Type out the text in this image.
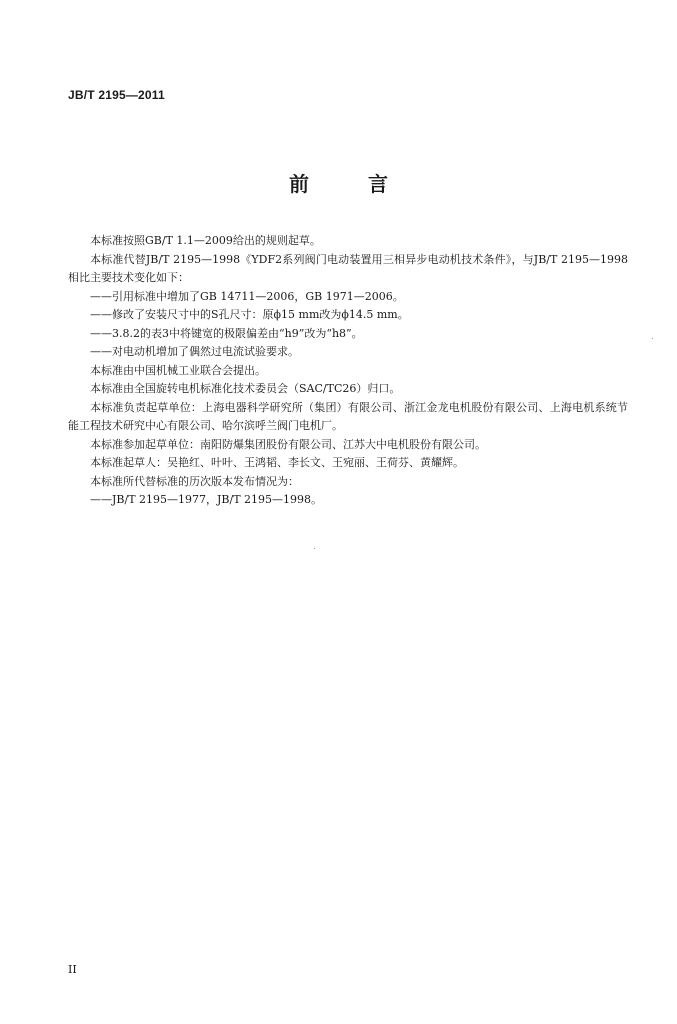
JB/T 2195—2011
前 言

本标准按照GB/T 1.1—2009给出的规则起草。

本标准代替JB/T 2195—1998《YDF2系列阀门电动装置用三相异步电动机技术条件》，与JB/T 2195—1998相比主要技术变化如下：

——引用标准中增加了GB 14711—2006，GB 1971—2006。

——修改了安装尺寸中的S孔尺寸：原ϕ15 mm改为ϕ14.5 mm。

——3.8.2的表3中将键宽的极限偏差由“h9”改为“h8”。

——对电动机增加了偶然过电流试验要求。

本标准由中国机械工业联合会提出。

本标准由全国旋转电机标准化技术委员会（SAC/TC26）归口。

本标准负责起草单位：上海电器科学研究所（集团）有限公司、浙江金龙电机股份有限公司、上海电机系统节能工程技术研究中心有限公司、哈尔滨呼兰阀门电机厂。

本标准参加起草单位：南阳防爆集团股份有限公司、江苏大中电机股份有限公司。

本标准起草人：吴艳红、叶叶、王鸿韬、李长文、王宛丽、王荷芬、黄耀辉。

本标准所代替标准的历次版本发布情况为：

——JB/T 2195—1977，JB/T 2195—1998。

II
